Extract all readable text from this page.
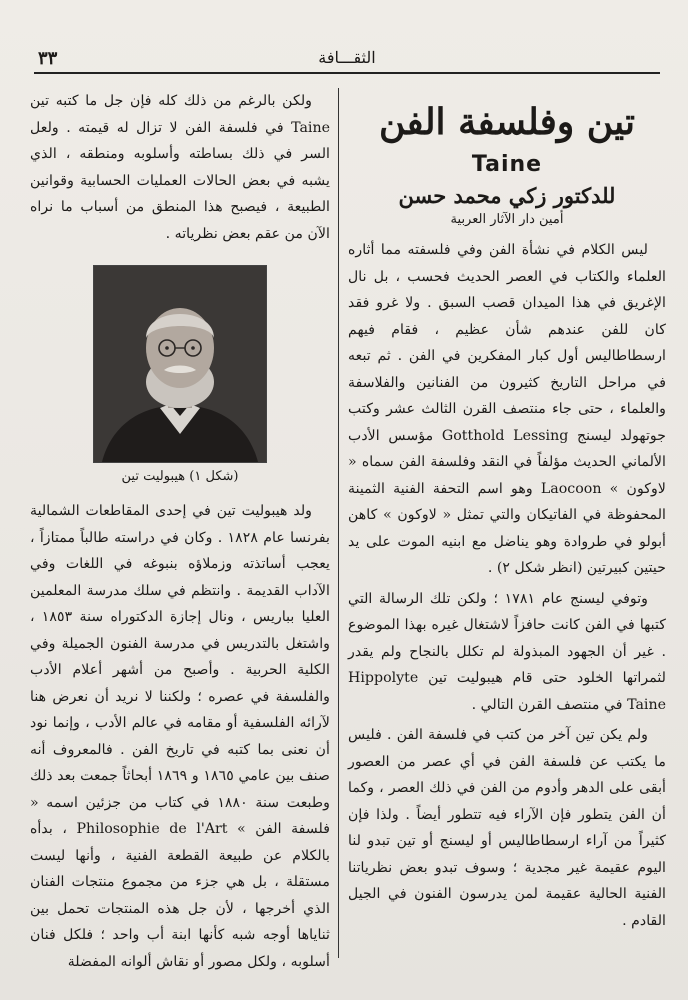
٣٣	الثقـــافة
تين وفلسفة الفن
Taine
للدكتور زكي محمد حسن
أمين دار الآثار العربية

ليس الكلام في نشأة الفن وفي فلسفته مما أثاره العلماء والكتاب في العصر الحديث فحسب ، بل نال الإغريق في هذا الميدان قصب السبق . ولا غرو فقد كان للفن عندهم شأن عظيم ، فقام فيهم ارسطاطاليس أول كبار المفكرين في الفن . ثم تبعه في مراحل التاريخ كثيرون من الفنانين والفلاسفة والعلماء ، حتى جاء منتصف القرن الثالث عشر وكتب جوتهولد ليسنج Gotthold Lessing مؤسس الأدب الألماني الحديث مؤلفاً في النقد وفلسفة الفن سماه « لاوكون » Laocoon وهو اسم التحفة الفنية الثمينة المحفوظة في الفاتيكان والتي تمثل « لاوكون » كاهن أبولو في طروادة وهو يناضل مع ابنيه الموت على يد حيتين كبيرتين (انظر شكل ٢) .

وتوفي ليسنج عام ١٧٨١ ؛ ولكن تلك الرسالة التي كتبها في الفن كانت حافزاً لاشتغال غيره بهذا الموضوع . غير أن الجهود المبذولة لم تكلل بالنجاح ولم يقدر لثمراتها الخلود حتى قام هيبوليت تين Hippolyte Taine في منتصف القرن التالي .

ولم يكن تين آخر من كتب في فلسفة الفن . فليس ما يكتب عن فلسفة الفن في أي عصر من العصور أبقى على الدهر وأدوم من الفن في ذلك العصر ، وكما أن الفن يتطور فإن الآراء فيه تتطور أيضاً . ولذا فإن كثيراً من آراء ارسطاطاليس أو ليسنج أو تين تبدو لنا اليوم عقيمة غير مجدية ؛ وسوف تبدو بعض نظرياتنا الفنية الحالية عقيمة لمن يدرسون الفنون في الجيل القادم .

ولكن بالرغم من ذلك كله فإن جل ما كتبه تين Taine في فلسفة الفن لا تزال له قيمته . ولعل السر في ذلك بساطته وأسلوبه ومنطقه ، الذي يشبه في بعض الحالات العمليات الحسابية وقوانين الطبيعة ، فيصبح هذا المنطق من أسباب ما نراه الآن من عقم بعض نظرياته .

(شكل ١) هيبوليت تين

ولد هيبوليت تين في إحدى المقاطعات الشمالية بفرنسا عام ١٨٢٨ . وكان في دراسته طالباً ممتازاً ، يعجب أساتذته وزملاؤه بنبوغه في اللغات وفي الآداب القديمة . وانتظم في سلك مدرسة المعلمين العليا بباريس ، ونال إجازة الدكتوراه سنة ١٨٥٣ ، واشتغل بالتدريس في مدرسة الفنون الجميلة وفي الكلية الحربية . وأصبح من أشهر أعلام الأدب والفلسفة في عصره ؛ ولكننا لا نريد أن نعرض هنا لآرائه الفلسفية أو مقامه في عالم الأدب ، وإنما نود أن نعنى بما كتبه في تاريخ الفن . فالمعروف أنه صنف بين عامي ١٨٦٥ و ١٨٦٩ أبحاثاً جمعت بعد ذلك وطبعت سنة ١٨٨٠ في كتاب من جزئين اسمه « فلسفة الفن » Philosophie de l'Art ، بدأه بالكلام عن طبيعة القطعة الفنية ، وأنها ليست مستقلة ، بل هي جزء من مجموع منتجات الفنان الذي أخرجها ، لأن جل هذه المنتجات تحمل بين ثناياها أوجه شبه كأنها ابنة أب واحد ؛ فلكل فنان أسلوبه ، ولكل مصور أو نقاش ألوانه المفضلة
